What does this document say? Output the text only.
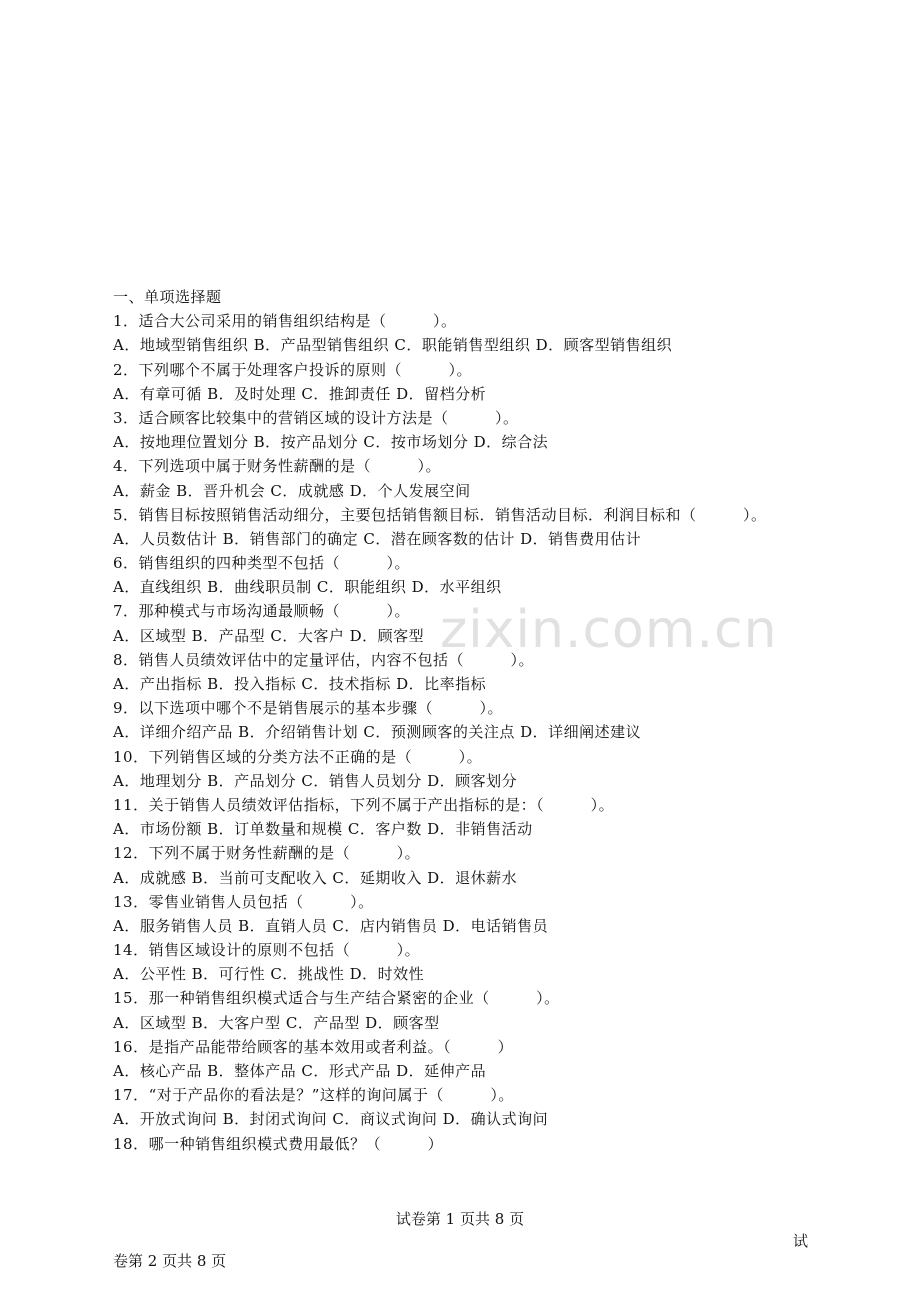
一、单项选择题
1．适合大公司采用的销售组织结构是（　　　）。
A．地域型销售组织 B．产品型销售组织 C．职能销售型组织 D．顾客型销售组织
2．下列哪个不属于处理客户投诉的原则（　　　）。
A．有章可循 B．及时处理 C．推卸责任 D．留档分析
3．适合顾客比较集中的营销区域的设计方法是（　　　）。
A．按地理位置划分 B．按产品划分 C．按市场划分 D．综合法
4．下列选项中属于财务性薪酬的是（　　　）。
A．薪金 B．晋升机会 C．成就感 D．个人发展空间
5．销售目标按照销售活动细分，主要包括销售额目标．销售活动目标．利润目标和（　　　）。
A．人员数估计 B．销售部门的确定 C．潜在顾客数的估计 D．销售费用估计
6．销售组织的四种类型不包括（　　　）。
A．直线组织 B．曲线职员制 C．职能组织 D．水平组织
7．那种模式与市场沟通最顺畅（　　　）。
A．区域型 B．产品型 C．大客户 D．顾客型
8．销售人员绩效评估中的定量评估，内容不包括（　　　）。
A．产出指标 B．投入指标 C．技术指标 D．比率指标
9．以下选项中哪个不是销售展示的基本步骤（　　　）。
A．详细介绍产品 B．介绍销售计划 C．预测顾客的关注点 D．详细阐述建议
10．下列销售区域的分类方法不正确的是（　　　）。
A．地理划分 B．产品划分 C．销售人员划分 D．顾客划分
11．关于销售人员绩效评估指标，下列不属于产出指标的是：（　　　）。
A．市场份额 B．订单数量和规模 C．客户数 D．非销售活动
12．下列不属于财务性薪酬的是（　　　）。
A．成就感 B．当前可支配收入 C．延期收入 D．退休薪水
13．零售业销售人员包括（　　　）。
A．服务销售人员 B．直销人员 C．店内销售员 D．电话销售员
14．销售区域设计的原则不包括（　　　）。
A．公平性 B．可行性 C．挑战性 D．时效性
15．那一种销售组织模式适合与生产结合紧密的企业（　　　）。
A．区域型 B．大客户型 C．产品型 D．顾客型
16．是指产品能带给顾客的基本效用或者利益。（　　　）
A．核心产品 B．整体产品 C．形式产品 D．延伸产品
17．“对于产品你的看法是？”这样的询问属于（　　　）。
A．开放式询问 B．封闭式询问 C．商议式询问 D．确认式询问
18．哪一种销售组织模式费用最低？（　　　）
zixin.com.cn
试卷第 1 页共 8 页
试
卷第 2 页共 8 页
